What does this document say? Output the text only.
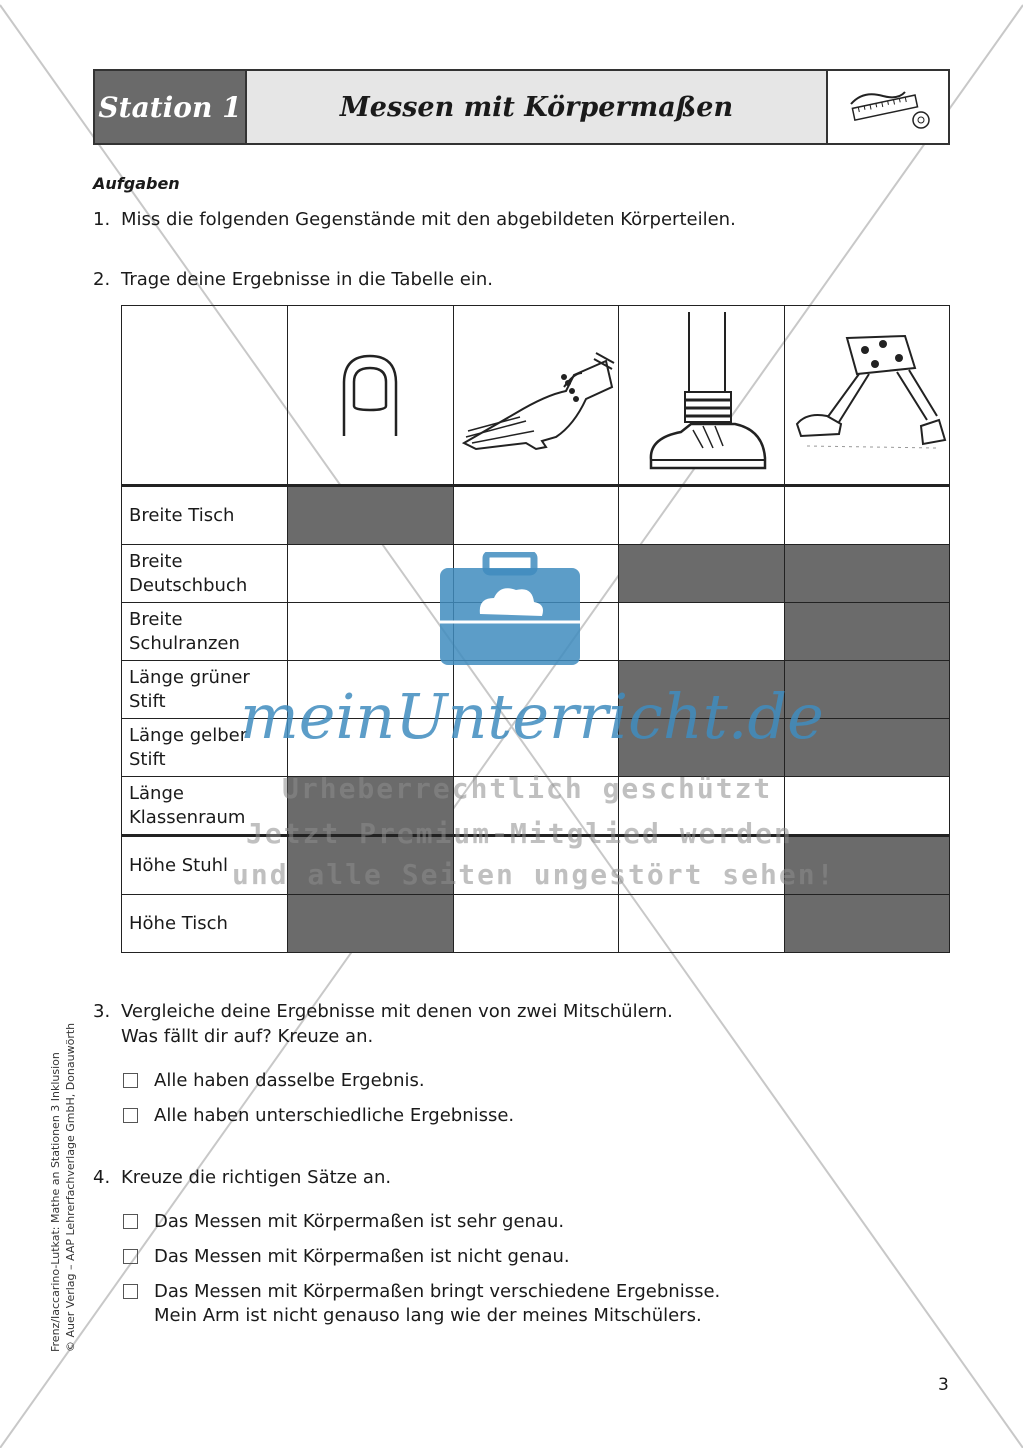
Station 1	Messen mit Körpermaßen
Aufgaben
1. Miss die folgenden Gegenstände mit den abgebildeten Körperteilen.
2. Trage deine Ergebnisse in die Tabelle ein.

Breite Tisch				

Breite
Deutschbuch				

Breite
Schulranzen				

Länge grüner
Stift				

Länge gelber
Stift				

Länge
Klassenraum				

Höhe Stuhl				

Höhe Tisch				

3. Vergleiche deine Ergebnisse mit denen von zwei Mitschülern.
Was fällt dir auf? Kreuze an.
Alle haben dasselbe Ergebnis.
Alle haben unterschiedliche Ergebnisse.
4. Kreuze die richtigen Sätze an.
Das Messen mit Körpermaßen ist sehr genau.
Das Messen mit Körpermaßen ist nicht genau.
Das Messen mit Körpermaßen bringt verschiedene Ergebnisse.
Mein Arm ist nicht genauso lang wie der meines Mitschülers.
meinUnterricht.de
Urheberrechtlich geschützt
Jetzt Premium-Mitglied werden
und alle Seiten ungestört sehen!
Frenz/Iaccarino-Lutkat: Mathe an Stationen 3 Inklusion © Auer Verlag – AAP Lehrerfachverlage GmbH, Donauwörth
3
